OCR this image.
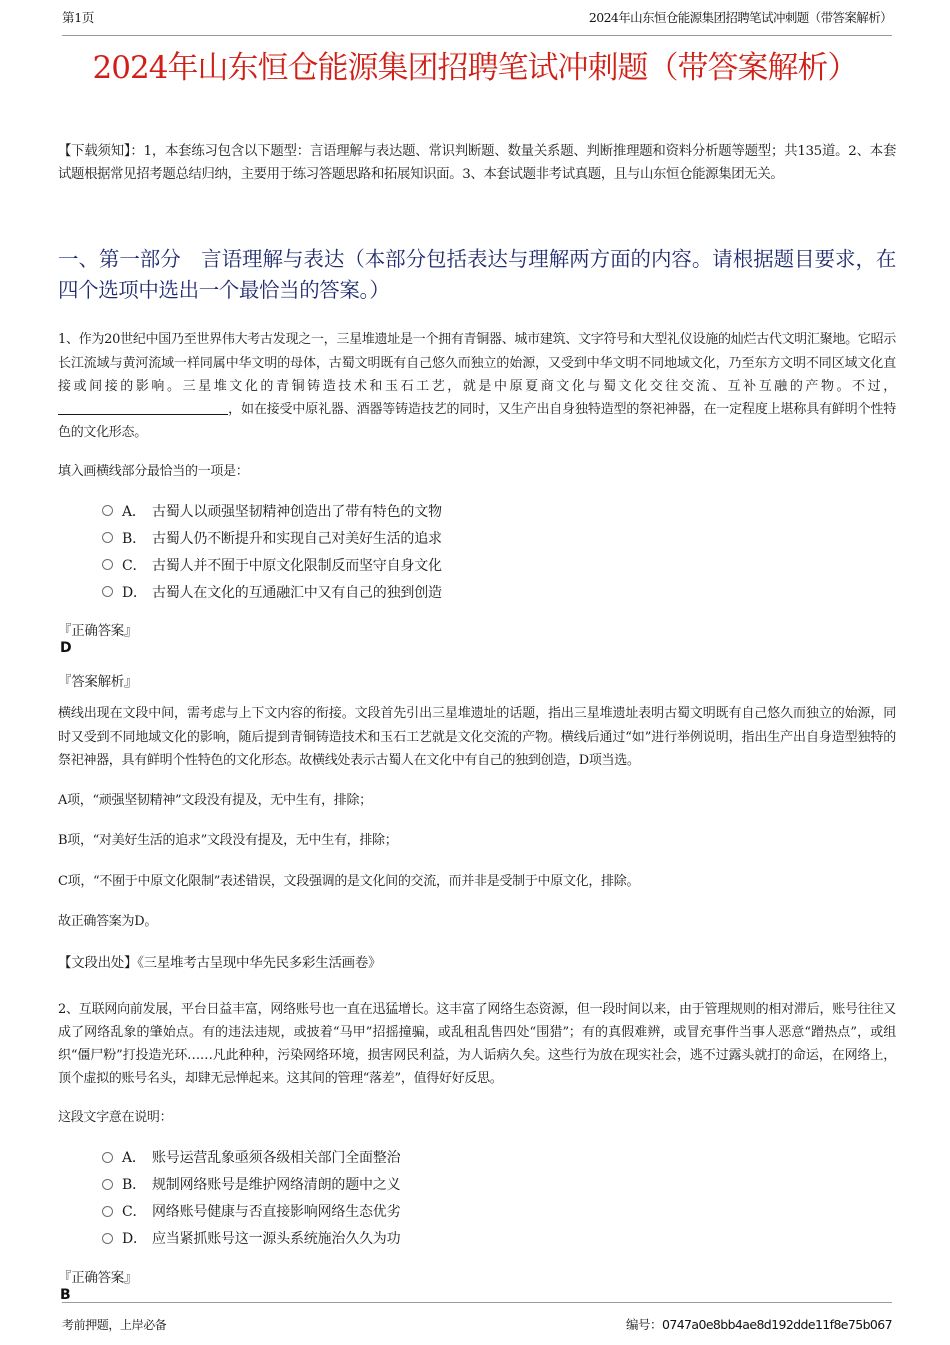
第1页	2024年山东恒仓能源集团招聘笔试冲刺题（带答案解析）
2024年山东恒仓能源集团招聘笔试冲刺题（带答案解析）
【下载须知】：1，本套练习包含以下题型：言语理解与表达题、常识判断题、数量关系题、判断推理题和资料分析题等题型；共135道。2、本套试题根据常见招考题总结归纳，主要用于练习答题思路和拓展知识面。3、本套试题非考试真题，且与山东恒仓能源集团无关。
一、第一部分　言语理解与表达（本部分包括表达与理解两方面的内容。请根据题目要求，在四个选项中选出一个最恰当的答案。）
1、作为20世纪中国乃至世界伟大考古发现之一，三星堆遗址是一个拥有青铜器、城市建筑、文字符号和大型礼仪设施的灿烂古代文明汇聚地。它昭示长江流域与黄河流域一样同属中华文明的母体，古蜀文明既有自己悠久而独立的始源，又受到中华文明不同地域文化，乃至东方文明不同区域文化直接或间接的影响。三星堆文化的青铜铸造技术和玉石工艺，就是中原夏商文化与蜀文化交往交流、互补互融的产物。不过，，如在接受中原礼器、酒器等铸造技艺的同时，又生产出自身独特造型的祭祀神器，在一定程度上堪称具有鲜明个性特色的文化形态。
填入画横线部分最恰当的一项是：
A． 古蜀人以顽强坚韧精神创造出了带有特色的文物
B． 古蜀人仍不断提升和实现自己对美好生活的追求
C． 古蜀人并不囿于中原文化限制反而坚守自身文化
D． 古蜀人在文化的互通融汇中又有自己的独到创造
『正确答案』
D
『答案解析』
横线出现在文段中间，需考虑与上下文内容的衔接。文段首先引出三星堆遗址的话题，指出三星堆遗址表明古蜀文明既有自己悠久而独立的始源，同时又受到不同地域文化的影响，随后提到青铜铸造技术和玉石工艺就是文化交流的产物。横线后通过“如”进行举例说明，指出生产出自身造型独特的祭祀神器，具有鲜明个性特色的文化形态。故横线处表示古蜀人在文化中有自己的独到创造，D项当选。
A项，“顽强坚韧精神”文段没有提及，无中生有，排除；
B项，“对美好生活的追求”文段没有提及，无中生有，排除；
C项，“不囿于中原文化限制”表述错误，文段强调的是文化间的交流，而并非是受制于中原文化，排除。
故正确答案为D。
【文段出处】《三星堆考古呈现中华先民多彩生活画卷》
2、互联网向前发展，平台日益丰富，网络账号也一直在迅猛增长。这丰富了网络生态资源，但一段时间以来，由于管理规则的相对滞后，账号往往又成了网络乱象的肇始点。有的违法违规，或披着“马甲”招摇撞骗，或乱租乱售四处“围猎”；有的真假难辨，或冒充事件当事人恶意“蹭热点”，或组织“僵尸粉”打投造光环……凡此种种，污染网络环境，损害网民利益，为人诟病久矣。这些行为放在现实社会，逃不过露头就打的命运，在网络上，顶个虚拟的账号名头，却肆无忌惮起来。这其间的管理“落差”，值得好好反思。
这段文字意在说明：
A． 账号运营乱象亟须各级相关部门全面整治
B． 规制网络账号是维护网络清朗的题中之义
C． 网络账号健康与否直接影响网络生态优劣
D． 应当紧抓账号这一源头系统施治久久为功
『正确答案』
B
考前押题，上岸必备	编号：0747a0e8bb4ae8d192dde11f8e75b067
